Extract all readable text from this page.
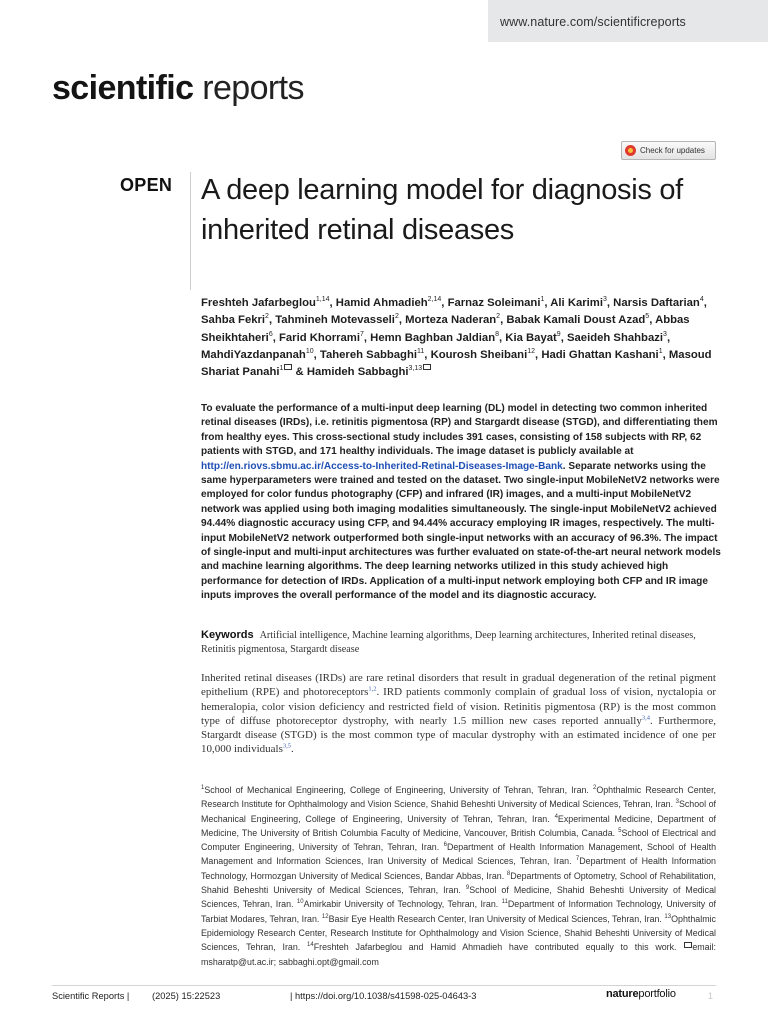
www.nature.com/scientificreports
scientific reports
Check for updates
OPEN A deep learning model for diagnosis of inherited retinal diseases
Freshteh Jafarbeglou$^{1,14}$, Hamid Ahmadieh$^{2,14}$, Farnaz Soleimani$^1$, Ali Karimi$^3$, Narsis Daftarian$^4$, Sahba Fekri$^2$, Tahmineh Motevasseli$^2$, Morteza Naderan$^2$, Babak Kamali Doust Azad$^5$, Abbas Sheikhtaheri$^6$, Farid Khorrami$^7$, Hemn Baghban Jaldian$^8$, Kia Bayat$^9$, Saeideh Shahbazi$^3$, MahdiYazdanpanah$^{10}$, Tahereh Sabbaghi$^{11}$, Kourosh Sheibani$^{12}$, Hadi Ghattan Kashani$^1$, Masoud Shariat Panahi$^1$ & Hamideh Sabbaghi$^{3,13}$
To evaluate the performance of a multi-input deep learning (DL) model in detecting two common inherited retinal diseases (IRDs), i.e. retinitis pigmentosa (RP) and Stargardt disease (STGD), and differentiating them from healthy eyes. This cross-sectional study includes 391 cases, consisting of 158 subjects with RP, 62 patients with STGD, and 171 healthy individuals. The image dataset is publicly available at http://en.riovs.sbmu.ac.ir/Access-to-Inherited-Retinal-Diseases-Image-Bank. Separate networks using the same hyperparameters were trained and tested on the dataset. Two single-input MobileNetV2 networks were employed for color fundus photography (CFP) and infrared (IR) images, and a multi-input MobileNetV2 network was applied using both imaging modalities simultaneously. The single-input MobileNetV2 achieved 94.44% diagnostic accuracy using CFP, and 94.44% accuracy employing IR images, respectively. The multi-input MobileNetV2 network outperformed both single-input networks with an accuracy of 96.3%. The impact of single-input and multi-input architectures was further evaluated on state-of-the-art neural network models and machine learning algorithms. The deep learning networks utilized in this study achieved high performance for detection of IRDs. Application of a multi-input network employing both CFP and IR image inputs improves the overall performance of the model and its diagnostic accuracy.
Keywords Artificial intelligence, Machine learning algorithms, Deep learning architectures, Inherited retinal diseases, Retinitis pigmentosa, Stargardt disease
Inherited retinal diseases (IRDs) are rare retinal disorders that result in gradual degeneration of the retinal pigment epithelium (RPE) and photoreceptors$^{1,2}$. IRD patients commonly complain of gradual loss of vision, nyctalopia or hemeralopia, color vision deficiency and restricted field of vision. Retinitis pigmentosa (RP) is the most common type of diffuse photoreceptor dystrophy, with nearly 1.5 million new cases reported annually$^{3,4}$. Furthermore, Stargardt disease (STGD) is the most common type of macular dystrophy with an estimated incidence of one per 10,000 individuals$^{3,5}$.
$^1$School of Mechanical Engineering, College of Engineering, University of Tehran, Tehran, Iran. $^2$Ophthalmic Research Center, Research Institute for Ophthalmology and Vision Science, Shahid Beheshti University of Medical Sciences, Tehran, Iran. $^3$School of Mechanical Engineering, College of Engineering, University of Tehran, Tehran, Iran. $^4$Experimental Medicine, Department of Medicine, The University of British Columbia Faculty of Medicine, Vancouver, British Columbia, Canada. $^5$School of Electrical and Computer Engineering, University of Tehran, Tehran, Iran. $^6$Department of Health Information Management, School of Health Management and Information Sciences, Iran University of Medical Sciences, Tehran, Iran. $^7$Department of Health Information Technology, Hormozgan University of Medical Sciences, Bandar Abbas, Iran. $^8$Departments of Optometry, School of Rehabilitation, Shahid Beheshti University of Medical Sciences, Tehran, Iran. $^9$School of Medicine, Shahid Beheshti University of Medical Sciences, Tehran, Iran. $^{10}$Amirkabir University of Technology, Tehran, Iran. $^{11}$Department of Information Technology, University of Tarbiat Modares, Tehran, Iran. $^{12}$Basir Eye Health Research Center, Iran University of Medical Sciences, Tehran, Iran. $^{13}$Ophthalmic Epidemiology Research Center, Research Institute for Ophthalmology and Vision Science, Shahid Beheshti University of Medical Sciences, Tehran, Iran. $^{14}$Freshteh Jafarbeglou and Hamid Ahmadieh have contributed equally to this work. email: msharatp@ut.ac.ir; sabbaghi.opt@gmail.com
Scientific Reports | (2025) 15:22523	| https://doi.org/10.1038/s41598-025-04643-3	natureportfolio	1
